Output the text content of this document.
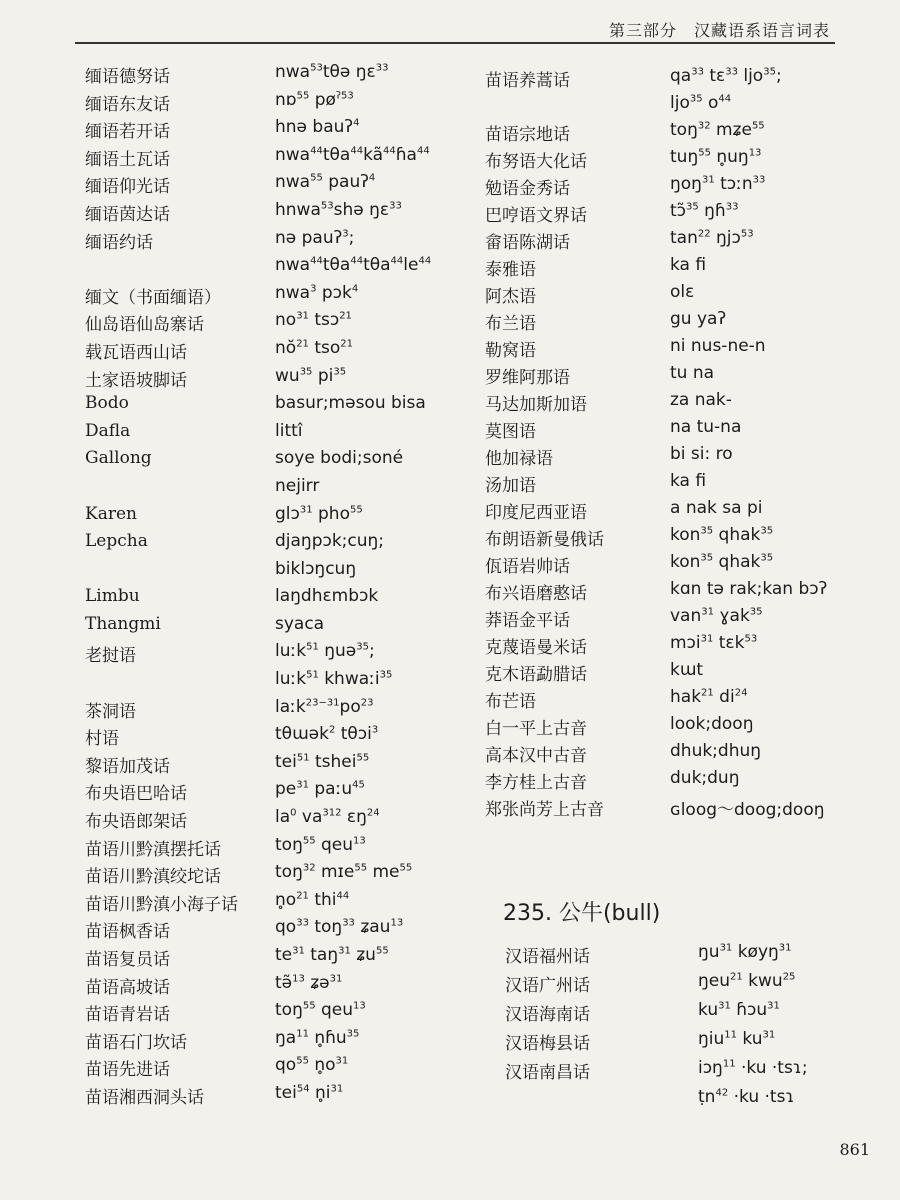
第三部分　汉藏语系语言词表
缅语德努话	nwa$^{53}$tθə ŋɛ$^{33}$
缅语东友话	nɒ$^{55}$ $pø^{ʔ53}$
缅语若开话	hnə bauʔ$^4$
缅语土瓦话	$nwa^{44}t\theta a^{44}kã^{44}ɦa^{44}$
缅语仰光话	nwa$^{55}$ pauʔ$^4$
缅语茵达话	hnwa$^{53}$shə ŋɛ$^{33}$
缅语约话	nə pauʔ$^3$;
$nwa^{44}t\theta a^{44}t\theta a^{44}le^{44}$
缅文（书面缅语）	nwa$^3$ pɔk$^4$
仙岛语仙岛寨话	$no^{31}$ tsɔ$^{21}$
载瓦语西山话	$nŏ^{21}$ tso$^{21}$
土家语坡脚话	$wu^{35}$ $pi^{35}$
Bodo	basur;məsou bisa
Dafla	littî
Gallong	soye bodi;soné
nejirr
Karen	glɔ$^{31}$ pho$^{55}$
Lepcha	djaŋpɔk;cuŋ;
biklɔŋcuŋ
Limbu	laŋdhɛmbɔk
Thangmi	syaca
老挝语	luːk$^{51}$ ŋuə$^{35}$;
luːk$^{51}$ khwaːi$^{35}$
茶洞语	$laːk^{23-31}po^{23}$
村语	tθɯək$^2$ tθɔi$^3$
黎语加茂话	tei$^{51}$ tshei$^{55}$
布央语巴哈话	$pe^{31}$ paːu$^{45}$
布央语郎架话	$la^0$ $va^{312}$ ɛŋ$^{24}$
苗语川黔滇摆托话	toŋ$^{55}$ qeu$^{13}$
苗语川黔滇绞坨话	toŋ$^{32}$ mɪe$^{55}$ $me^{55}$
苗语川黔滇小海子话 $n̥o^{21}$ thi$^{44}$
苗语枫香话	$qo^{33}$ toŋ$^{33}$ ʑau$^{13}$
苗语复员话	$te^{31}$ taŋ$^{31}$ ʑu$^{55}$
苗语高坡话	tə̃$^{13}$ ʑə$^{31}$
苗语青岩话	toŋ$^{55}$ qeu$^{13}$
苗语石门坎话	$ŋa^{11}$ n̥ɦu$^{35}$
苗语先进话	$qo^{55}$ $n̥o^{31}$
苗语湘西洞头话	tei$^{54}$ $n̥i^{31}$
苗语养蒿话	$qa^{33}$ tɛ$^{33}$ ljo$^{35}$;
ljo$^{35}$ $o^{44}$
苗语宗地话	toŋ$^{32}$ mʑe$^{55}$
布努语大化话	tuŋ$^{55}$ $n̥uŋ^{13}$
勉语金秀话	ŋoŋ$^{31}$ tɔːn$^{33}$
巴哼语文界话	tɔ̃$^{35}$ ŋɦ$^{33}$
畲语陈湖话	$\tan^{22}$ ŋjɔ$^{53}$
泰雅语	ka fi
阿杰语	olɛ
布兰语	gu yaʔ
勒窝语	ni nus-ne-n
罗维阿那语	tu na
马达加斯加语	za nak-
莫图语	na tu-na
他加禄语	bi si: ro
汤加语	ka fi
印度尼西亚语	a nak sa pi
布朗语新曼俄话	kon$^{35}$ qhak$^{35}$
佤语岩帅话	kon$^{35}$ qhak$^{35}$
布兴语磨憨话	kɑn tə rak;kan bɔʔ
莽语金平话	van$^{31}$ ɣak$^{35}$
克蔑语曼米话	mɔi$^{31}$ tɛk$^{53}$
克木语勐腊话	kɯt
布芒语	hak$^{21}$ $di^{24}$
白一平上古音	look;dooŋ
高本汉中古音	dhuk;dhuŋ
李方桂上古音	duk;duŋ
郑张尚芳上古音	ɢloog～doog;dooŋ
235. 公牛(bull)
汉语福州话	$ŋu^{31}$ køyŋ$^{31}$
汉语广州话	ŋeu$^{21}$ kwu$^{25}$
汉语海南话	$ku^{31}$ ɦɔu$^{31}$
汉语梅县话	ŋiu$^{11}$ $ku^{31}$
汉语南昌话	iɔŋ$^{11}$ ·ku ·tsɿ;
ṭn$^{42}$ ·ku ·tsɿ
861
